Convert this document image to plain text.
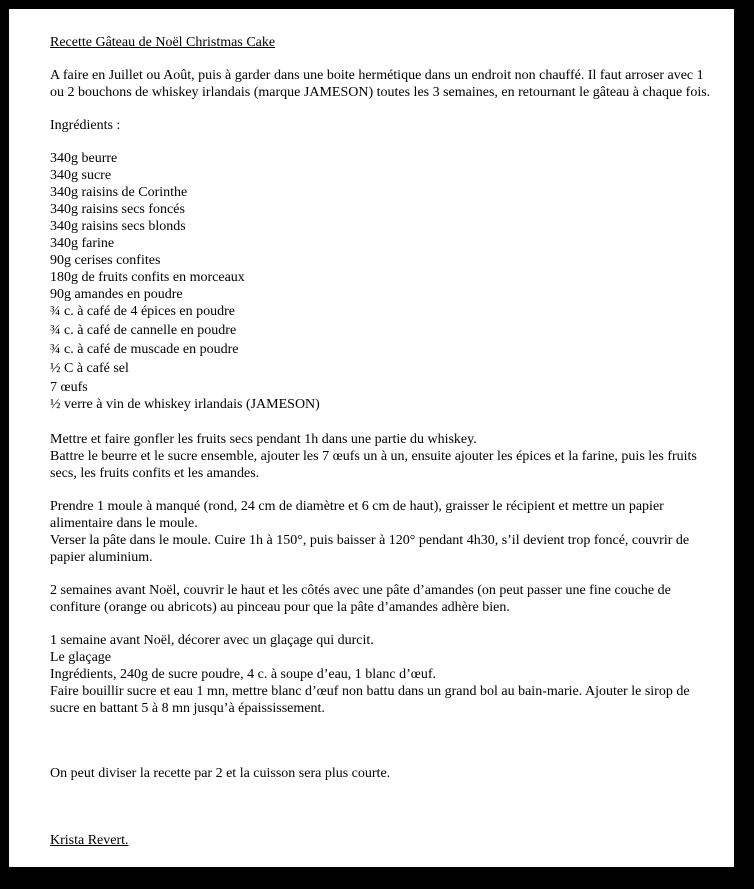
Recette Gâteau de Noël Christmas Cake

A faire en Juillet ou Août, puis à garder dans une boite hermétique dans un endroit non chauffé. Il faut arroser avec 1 ou 2 bouchons de whiskey irlandais (marque JAMESON) toutes les 3 semaines, en retournant le gâteau à chaque fois.

Ingrédients :

340g beurre
340g sucre
340g raisins de Corinthe
340g raisins secs foncés
340g raisins secs blonds
340g farine
90g cerises confites
180g de fruits confits en morceaux
90g amandes en poudre
¾ c. à café de 4 épices en poudre
¾ c. à café de cannelle en poudre
¾ c. à café de muscade en poudre
½ C à café sel
7 œufs
½ verre à vin de whiskey irlandais (JAMESON)

Mettre et faire gonfler les fruits secs pendant 1h dans une partie du whiskey.
Battre le beurre et le sucre ensemble, ajouter les 7 œufs un à un, ensuite ajouter les épices et la farine, puis les fruits secs, les fruits confits et les amandes.

Prendre 1 moule à manqué (rond, 24 cm de diamètre et 6 cm de haut), graisser le récipient et mettre un papier alimentaire dans le moule.
Verser la pâte dans le moule. Cuire 1h à 150°, puis baisser à 120° pendant 4h30, s’il devient trop foncé, couvrir de papier aluminium.

2 semaines avant Noël, couvrir le haut et les côtés avec une pâte d’amandes (on peut passer une fine couche de confiture (orange ou abricots) au pinceau pour que la pâte d’amandes adhère bien.

1 semaine avant Noël, décorer avec un glaçage qui durcit.
Le glaçage
Ingrédients, 240g de sucre poudre, 4 c. à soupe d’eau, 1 blanc d’œuf.
Faire bouillir sucre et eau 1 mn, mettre blanc d’œuf non battu dans un grand bol au bain-marie. Ajouter le sirop de sucre en battant 5 à 8 mn jusqu’à épaississement.

On peut diviser la recette par 2 et la cuisson sera plus courte.

Krista Revert.
